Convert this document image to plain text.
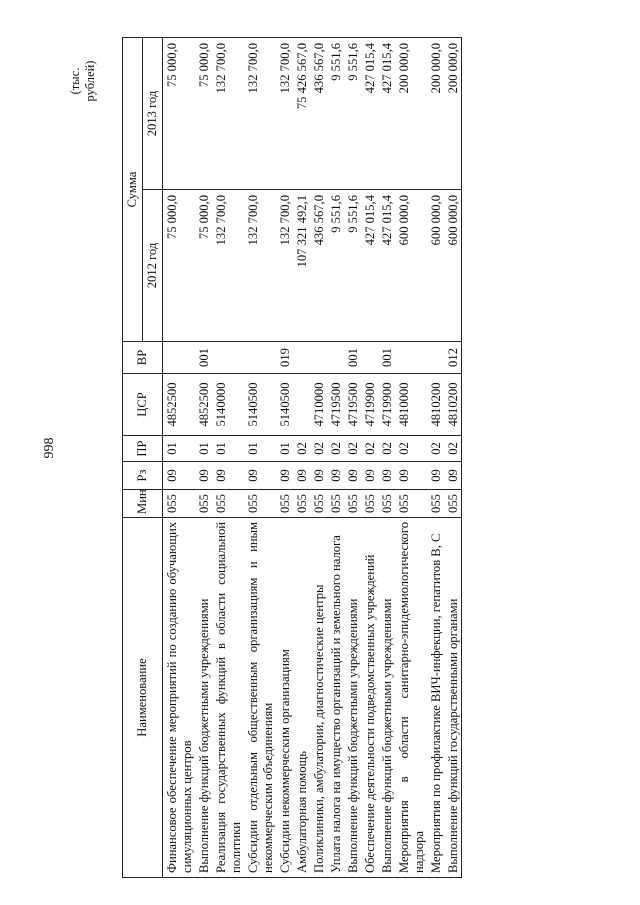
998
(тыс. рублей)
Наименование	Мин	Рз	ПР	ЦСР	ВР	Сумма	
						2012 год	2013 год
Финансовое обеспечение мероприятий по созданию обучающих симуляционных центров	055	09	01	4852500		75 000,0	75 000,0
Выполнение функций бюджетными учреждениями	055	09	01	4852500	001	75 000,0	75 000,0
Реализация государственных функций в области социальной политики	055	09	01	5140000		132 700,0	132 700,0
Субсидии отдельным общественным организациям и иным некоммерческим объединениям	055	09	01	5140500		132 700,0	132 700,0
Субсидии некоммерческим организациям	055	09	01	5140500	019	132 700,0	132 700,0
Амбулаторная помощь	055	09	02			107 321 492,1	75 426 567,0
Поликлиники, амбулатории, диагностические центры	055	09	02	4710000		436 567,0	436 567,0
Уплата налога на имущество организаций и земельного налога	055	09	02	4719500		9 551,6	9 551,6
Выполнение функций бюджетными учреждениями	055	09	02	4719500	001	9 551,6	9 551,6
Обеспечение деятельности подведомственных учреждений	055	09	02	4719900		427 015,4	427 015,4
Выполнение функций бюджетными учреждениями	055	09	02	4719900	001	427 015,4	427 015,4
Мероприятия в области санитарно-эпидемиологического надзора	055	09	02	4810000		600 000,0	200 000,0
Мероприятия по профилактике ВИЧ-инфекции, гепатитов B, C	055	09	02	4810200		600 000,0	200 000,0
Выполнение функций государственными органами	055	09	02	4810200	012	600 000,0	200 000,0
